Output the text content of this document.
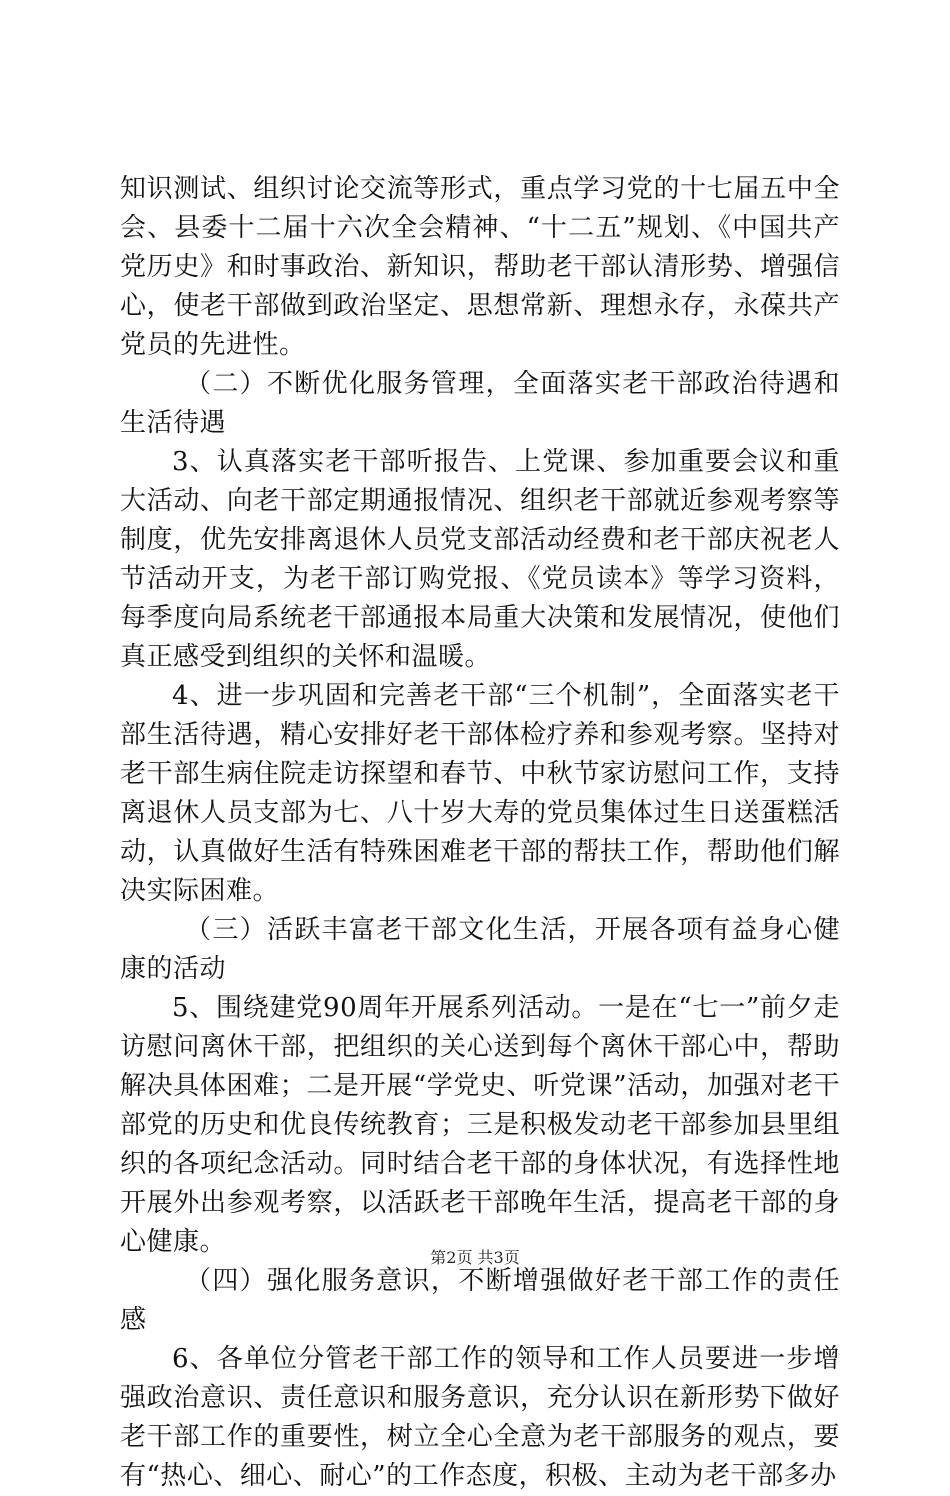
知识测试、组织讨论交流等形式，重点学习党的十七届五中全会、县委十二届十六次全会精神、“十二五”规划、《中国共产党历史》和时事政治、新知识，帮助老干部认清形势、增强信心，使老干部做到政治坚定、思想常新、理想永存，永葆共产党员的先进性。

（二）不断优化服务管理，全面落实老干部政治待遇和生活待遇

3、认真落实老干部听报告、上党课、参加重要会议和重大活动、向老干部定期通报情况、组织老干部就近参观考察等制度，优先安排离退休人员党支部活动经费和老干部庆祝老人节活动开支，为老干部订购党报、《党员读本》等学习资料，每季度向局系统老干部通报本局重大决策和发展情况，使他们真正感受到组织的关怀和温暖。

4、进一步巩固和完善老干部“三个机制”，全面落实老干部生活待遇，精心安排好老干部体检疗养和参观考察。坚持对老干部生病住院走访探望和春节、中秋节家访慰问工作，支持离退休人员支部为七、八十岁大寿的党员集体过生日送蛋糕活动，认真做好生活有特殊困难老干部的帮扶工作，帮助他们解决实际困难。

（三）活跃丰富老干部文化生活，开展各项有益身心健康的活动

5、围绕建党90周年开展系列活动。一是在“七一”前夕走访慰问离休干部，把组织的关心送到每个离休干部心中，帮助解决具体困难；二是开展“学党史、听党课”活动，加强对老干部党的历史和优良传统教育；三是积极发动老干部参加县里组织的各项纪念活动。同时结合老干部的身体状况，有选择性地开展外出参观考察，以活跃老干部晚年生活，提高老干部的身心健康。

（四）强化服务意识，不断增强做好老干部工作的责任感

6、各单位分管老干部工作的领导和工作人员要进一步增强政治意识、责任意识和服务意识，充分认识在新形势下做好老干部工作的重要性，树立全心全意为老干部服务的观点，要有“热心、细心、耐心”的工作态度，积极、主动为老干部多办

第2页 共3页
